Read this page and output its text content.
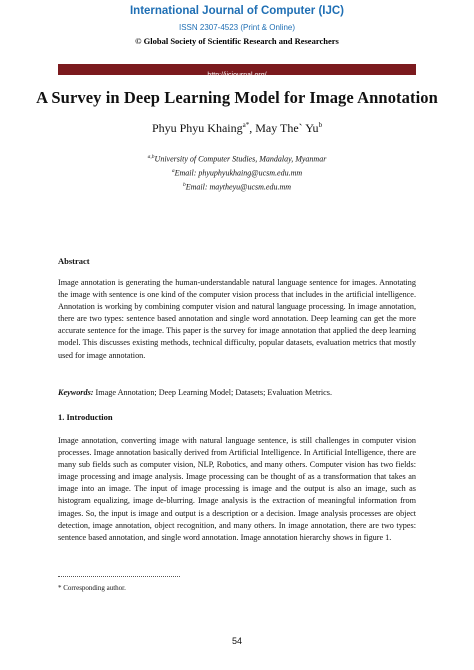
International Journal of Computer (IJC)
ISSN 2307-4523 (Print & Online)
© Global Society of Scientific Research and Researchers
http://ijcjournal.org/
A Survey in Deep Learning Model for Image Annotation
Phyu Phyu Khaing$^{a*}$, May The` Yu$^b$
$^{a,b}$University of Computer Studies, Mandalay, Myanmar
$^a$Email: phyuphyukhaing@ucsm.edu.mm
$^b$Email: maytheyu@ucsm.edu.mm
Abstract

Image annotation is generating the human-understandable natural language sentence for images. Annotating the image with sentence is one kind of the computer vision process that includes in the artificial intelligence. Annotation is working by combining computer vision and natural language processing. In image annotation, there are two types: sentence based annotation and single word annotation. Deep learning can get the more accurate sentence for the image. This paper is the survey for image annotation that applied the deep learning model. This discusses existing methods, technical difficulty, popular datasets, evaluation metrics that mostly used for image annotation.

Keywords: Image Annotation; Deep Learning Model; Datasets; Evaluation Metrics.
1. Introduction

Image annotation, converting image with natural language sentence, is still challenges in computer vision processes. Image annotation basically derived from Artificial Intelligence. In Artificial Intelligence, there are many sub fields such as computer vision, NLP, Robotics, and many others. Computer vision has two fields: image processing and image analysis. Image processing can be thought of as a transformation that takes an image into an image. The input of image processing is image and the output is also an image, such as histogram equalizing, image de-blurring. Image analysis is the extraction of meaningful information from images. So, the input is image and output is a description or a decision. Image analysis processes are object detection, image annotation, object recognition, and many others. In image annotation, there are two types: sentence based annotation, and single word annotation. Image annotation hierarchy shows in figure 1.

* Corresponding author.
54
